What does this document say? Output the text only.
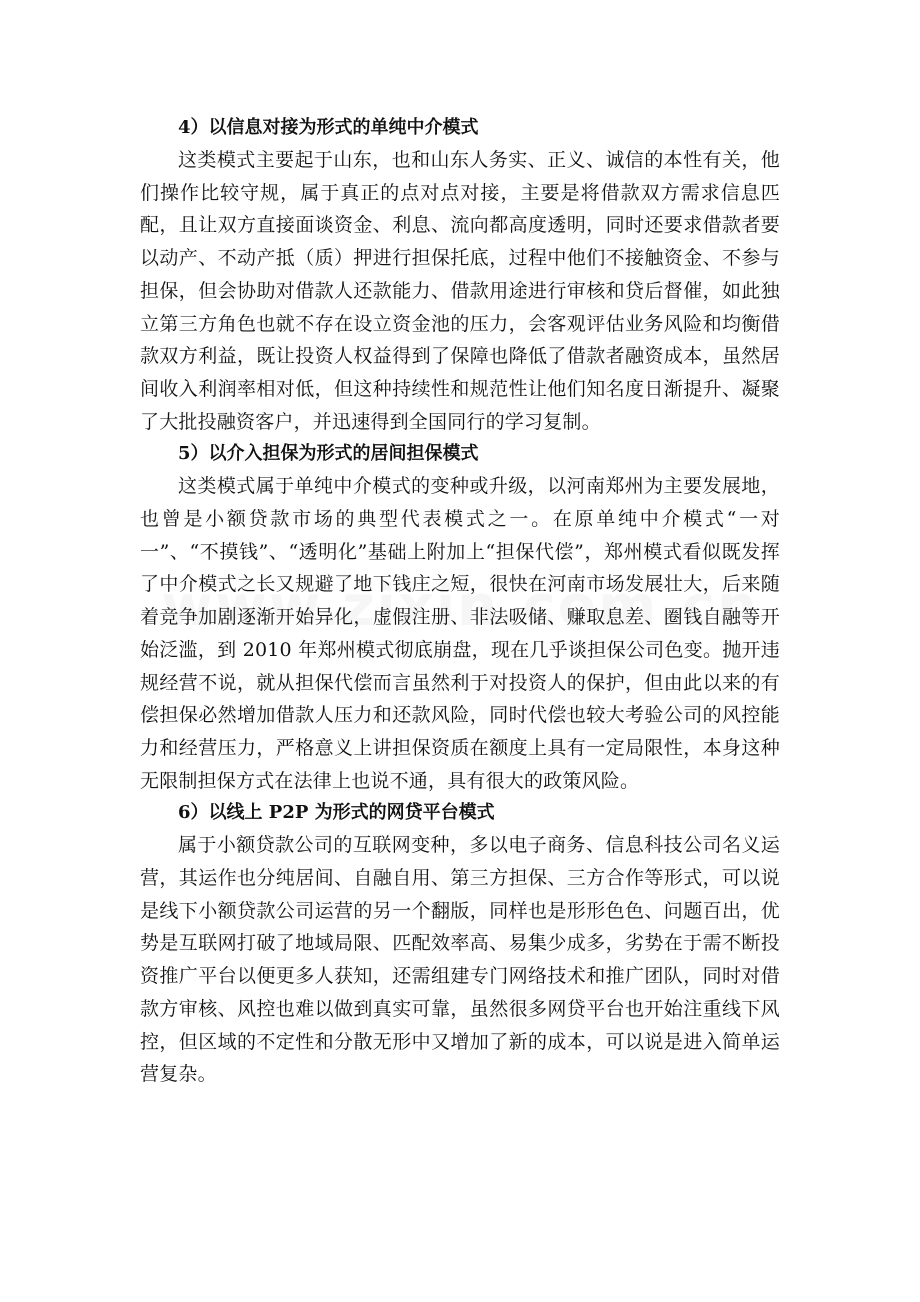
4）以信息对接为形式的单纯中介模式

这类模式主要起于山东，也和山东人务实、正义、诚信的本性有关，他们操作比较守规，属于真正的点对点对接，主要是将借款双方需求信息匹配，且让双方直接面谈资金、利息、流向都高度透明，同时还要求借款者要以动产、不动产抵（质）押进行担保托底，过程中他们不接触资金、不参与担保，但会协助对借款人还款能力、借款用途进行审核和贷后督催，如此独立第三方角色也就不存在设立资金池的压力，会客观评估业务风险和均衡借款双方利益，既让投资人权益得到了保障也降低了借款者融资成本，虽然居间收入利润率相对低，但这种持续性和规范性让他们知名度日渐提升、凝聚了大批投融资客户，并迅速得到全国同行的学习复制。

5）以介入担保为形式的居间担保模式

这类模式属于单纯中介模式的变种或升级，以河南郑州为主要发展地，也曾是小额贷款市场的典型代表模式之一。在原单纯中介模式“一对一”、“不摸钱”、“透明化”基础上附加上“担保代偿”，郑州模式看似既发挥了中介模式之长又规避了地下钱庄之短，很快在河南市场发展壮大，后来随着竞争加剧逐渐开始异化，虚假注册、非法吸储、赚取息差、圈钱自融等开始泛滥，到 2010 年郑州模式彻底崩盘，现在几乎谈担保公司色变。抛开违规经营不说，就从担保代偿而言虽然利于对投资人的保护，但由此以来的有偿担保必然增加借款人压力和还款风险，同时代偿也较大考验公司的风控能力和经营压力，严格意义上讲担保资质在额度上具有一定局限性，本身这种无限制担保方式在法律上也说不通，具有很大的政策风险。

6）以线上 P2P 为形式的网贷平台模式

属于小额贷款公司的互联网变种，多以电子商务、信息科技公司名义运营，其运作也分纯居间、自融自用、第三方担保、三方合作等形式，可以说是线下小额贷款公司运营的另一个翻版，同样也是形形色色、问题百出，优势是互联网打破了地域局限、匹配效率高、易集少成多，劣势在于需不断投资推广平台以便更多人获知，还需组建专门网络技术和推广团队，同时对借款方审核、风控也难以做到真实可靠，虽然很多网贷平台也开始注重线下风控，但区域的不定性和分散无形中又增加了新的成本，可以说是进入简单运营复杂。
